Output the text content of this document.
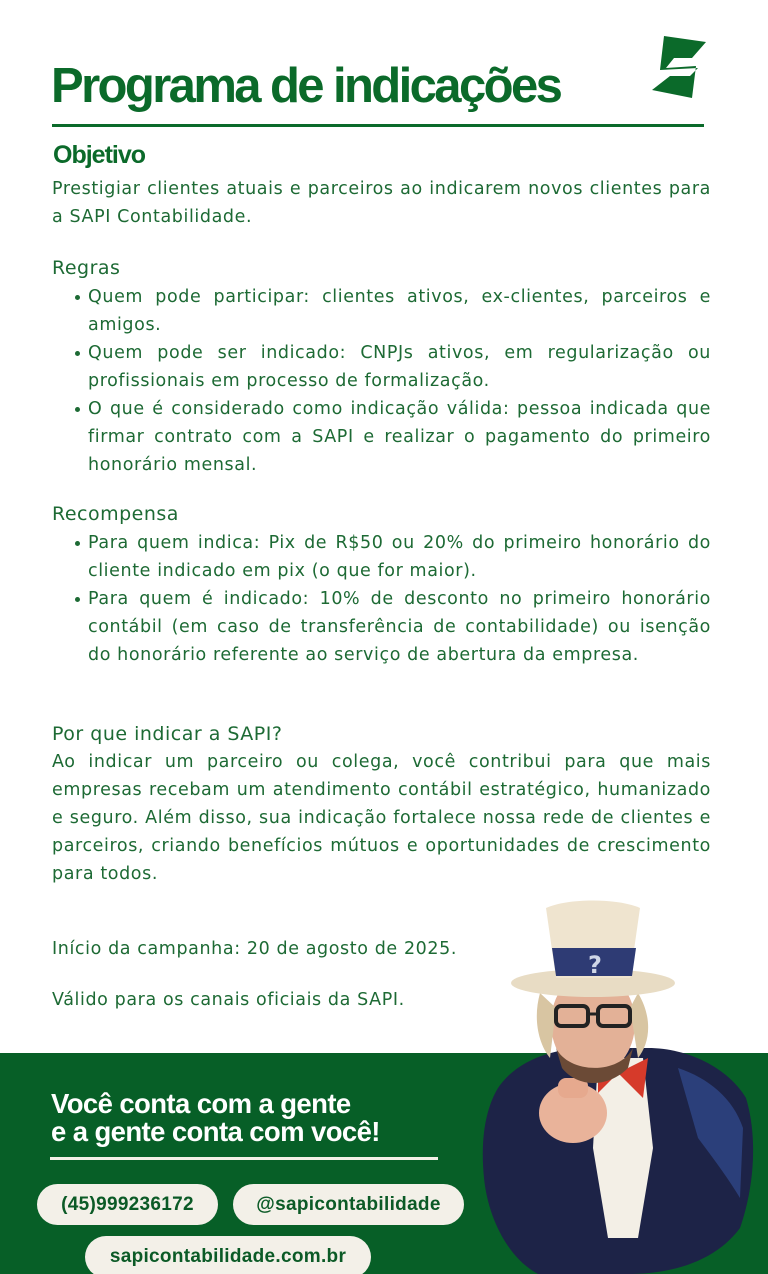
Programa de indicações
Objetivo
Prestigiar clientes atuais e parceiros ao indicarem novos clientes para a SAPI Contabilidade.
Regras
Quem pode participar: clientes ativos, ex-clientes, parceiros e amigos.
Quem pode ser indicado: CNPJs ativos, em regularização ou profissionais em processo de formalização.
O que é considerado como indicação válida: pessoa indicada que firmar contrato com a SAPI e realizar o pagamento do primeiro honorário mensal.
Recompensa
Para quem indica: Pix de R$50 ou 20% do primeiro honorário do cliente indicado em pix (o que for maior).
Para quem é indicado: 10% de desconto no primeiro honorário contábil (em caso de transferência de contabilidade) ou isenção do honorário referente ao serviço de abertura da empresa.
Por que indicar a SAPI?
Ao indicar um parceiro ou colega, você contribui para que mais empresas recebam um atendimento contábil estratégico, humanizado e seguro. Além disso, sua indicação fortalece nossa rede de clientes e parceiros, criando benefícios mútuos e oportunidades de crescimento para todos.
Início da campanha: 20 de agosto de 2025.
Válido para os canais oficiais da SAPI.
Você conta com a gente
e a gente conta com você!
(45)999236172	@sapicontabilidade
sapicontabilidade.com.br
?
